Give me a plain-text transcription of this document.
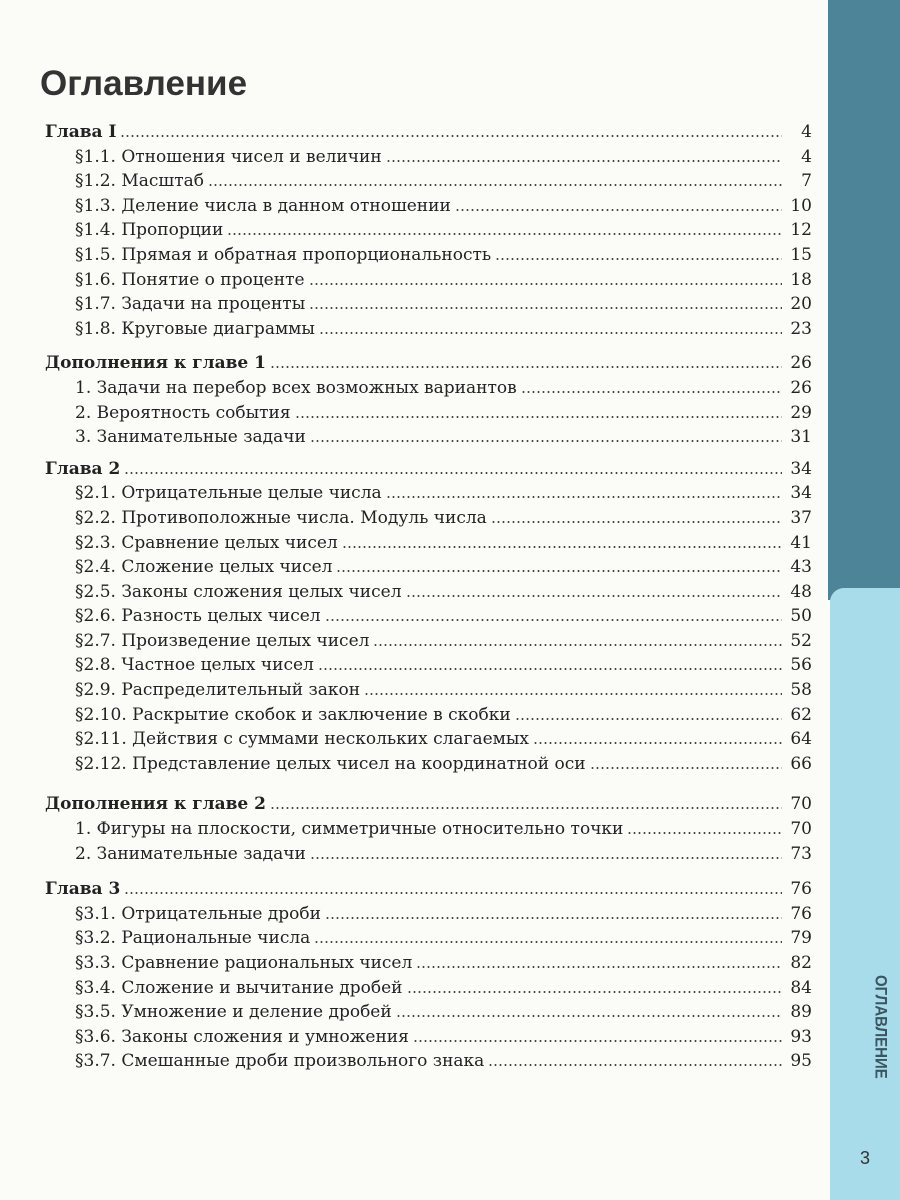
ОГЛАВЛЕНИЕ
3
Оглавление
Глава I	4
§1.1. Отношения чисел и величин	4
§1.2. Масштаб	7
§1.3. Деление числа в данном отношении	10
§1.4. Пропорции	12
§1.5. Прямая и обратная пропорциональность	15
§1.6. Понятие о проценте	18
§1.7. Задачи на проценты	20
§1.8. Круговые диаграммы	23
Дополнения к главе 1	26
1. Задачи на перебор всех возможных вариантов	26
2. Вероятность события	29
3. Занимательные задачи	31
Глава 2	34
§2.1. Отрицательные целые числа	34
§2.2. Противоположные числа. Модуль числа	37
§2.3. Сравнение целых чисел	41
§2.4. Сложение целых чисел	43
§2.5. Законы сложения целых чисел	48
§2.6. Разность целых чисел	50
§2.7. Произведение целых чисел	52
§2.8. Частное целых чисел	56
§2.9. Распределительный закон	58
§2.10. Раскрытие скобок и заключение в скобки	62
§2.11. Действия с суммами нескольких слагаемых	64
§2.12. Представление целых чисел на координатной оси	66
Дополнения к главе 2	70
1. Фигуры на плоскости, симметричные относительно точки	70
2. Занимательные задачи	73
Глава 3	76
§3.1. Отрицательные дроби	76
§3.2. Рациональные числа	79
§3.3. Сравнение рациональных чисел	82
§3.4. Сложение и вычитание дробей	84
§3.5. Умножение и деление дробей	89
§3.6. Законы сложения и умножения	93
§3.7. Смешанные дроби произвольного знака	95
